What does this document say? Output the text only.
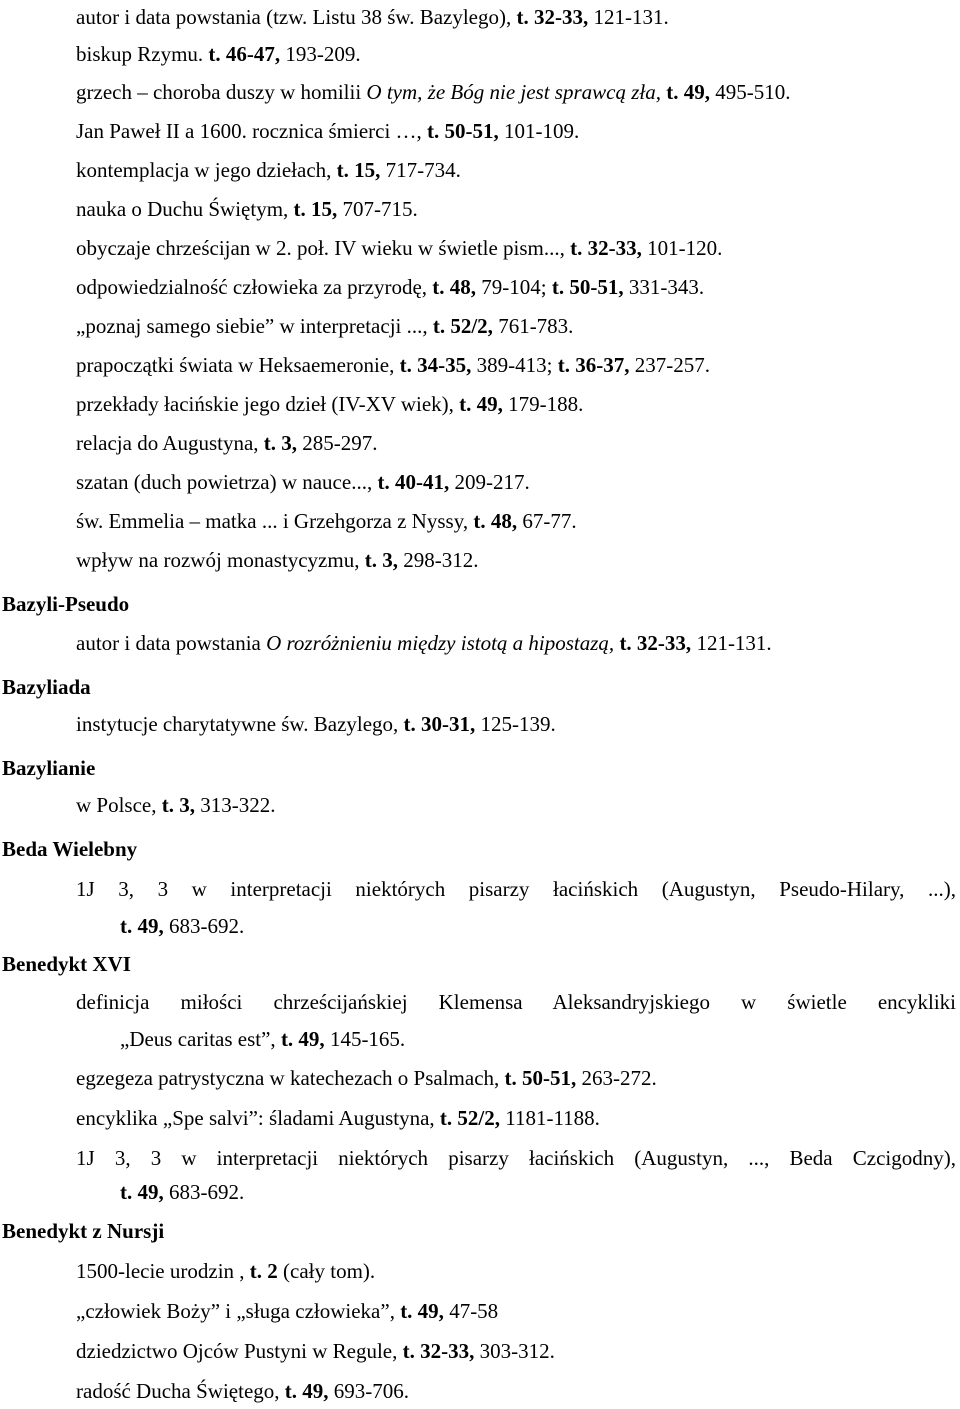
autor i data powstania (tzw. Listu 38 św. Bazylego), t. 32-33, 121-131.
biskup Rzymu. t. 46-47, 193-209.
grzech – choroba duszy w homilii O tym, że Bóg nie jest sprawcą zła, t. 49, 495-510.
Jan Paweł II a 1600. rocznica śmierci …, t. 50-51, 101-109.
kontemplacja w jego dziełach, t. 15, 717-734.
nauka o Duchu Świętym, t. 15, 707-715.
obyczaje chrześcijan w 2. poł. IV wieku w świetle pism..., t. 32-33, 101-120.
odpowiedzialność człowieka za przyrodę, t. 48, 79-104; t. 50-51, 331-343.
„poznaj samego siebie” w interpretacji ..., t. 52/2, 761-783.
prapoczątki świata w Heksaemeronie, t. 34-35, 389-413; t. 36-37, 237-257.
przekłady łacińskie jego dzieł (IV-XV wiek), t. 49, 179-188.
relacja do Augustyna, t. 3, 285-297.
szatan (duch powietrza) w nauce..., t. 40-41, 209-217.
św. Emmelia – matka ... i Grzehgorza z Nyssy, t. 48, 67-77.
wpływ na rozwój monastycyzmu, t. 3, 298-312.
Bazyli-Pseudo
autor i data powstania O rozróżnieniu między istotą a hipostazą, t. 32-33, 121-131.
Bazyliada
instytucje charytatywne św. Bazylego, t. 30-31, 125-139.
Bazylianie
w Polsce, t. 3, 313-322.
Beda Wielebny
1J 3, 3 w interpretacji niektórych pisarzy łacińskich (Augustyn, Pseudo-Hilary, ...),
t. 49, 683-692.
Benedykt XVI
definicja miłości chrześcijańskiej Klemensa Aleksandryjskiego w świetle encykliki
„Deus caritas est”, t. 49, 145-165.
egzegeza patrystyczna w katechezach o Psalmach, t. 50-51, 263-272.
encyklika „Spe salvi”: śladami Augustyna, t. 52/2, 1181-1188.
1J 3, 3 w interpretacji niektórych pisarzy łacińskich (Augustyn, ..., Beda Czcigodny),
t. 49, 683-692.
Benedykt z Nursji
1500-lecie urodzin , t. 2 (cały tom).
„człowiek Boży” i „sługa człowieka”, t. 49, 47-58
dziedzictwo Ojców Pustyni w Regule, t. 32-33, 303-312.
radość Ducha Świętego, t. 49, 693-706.
